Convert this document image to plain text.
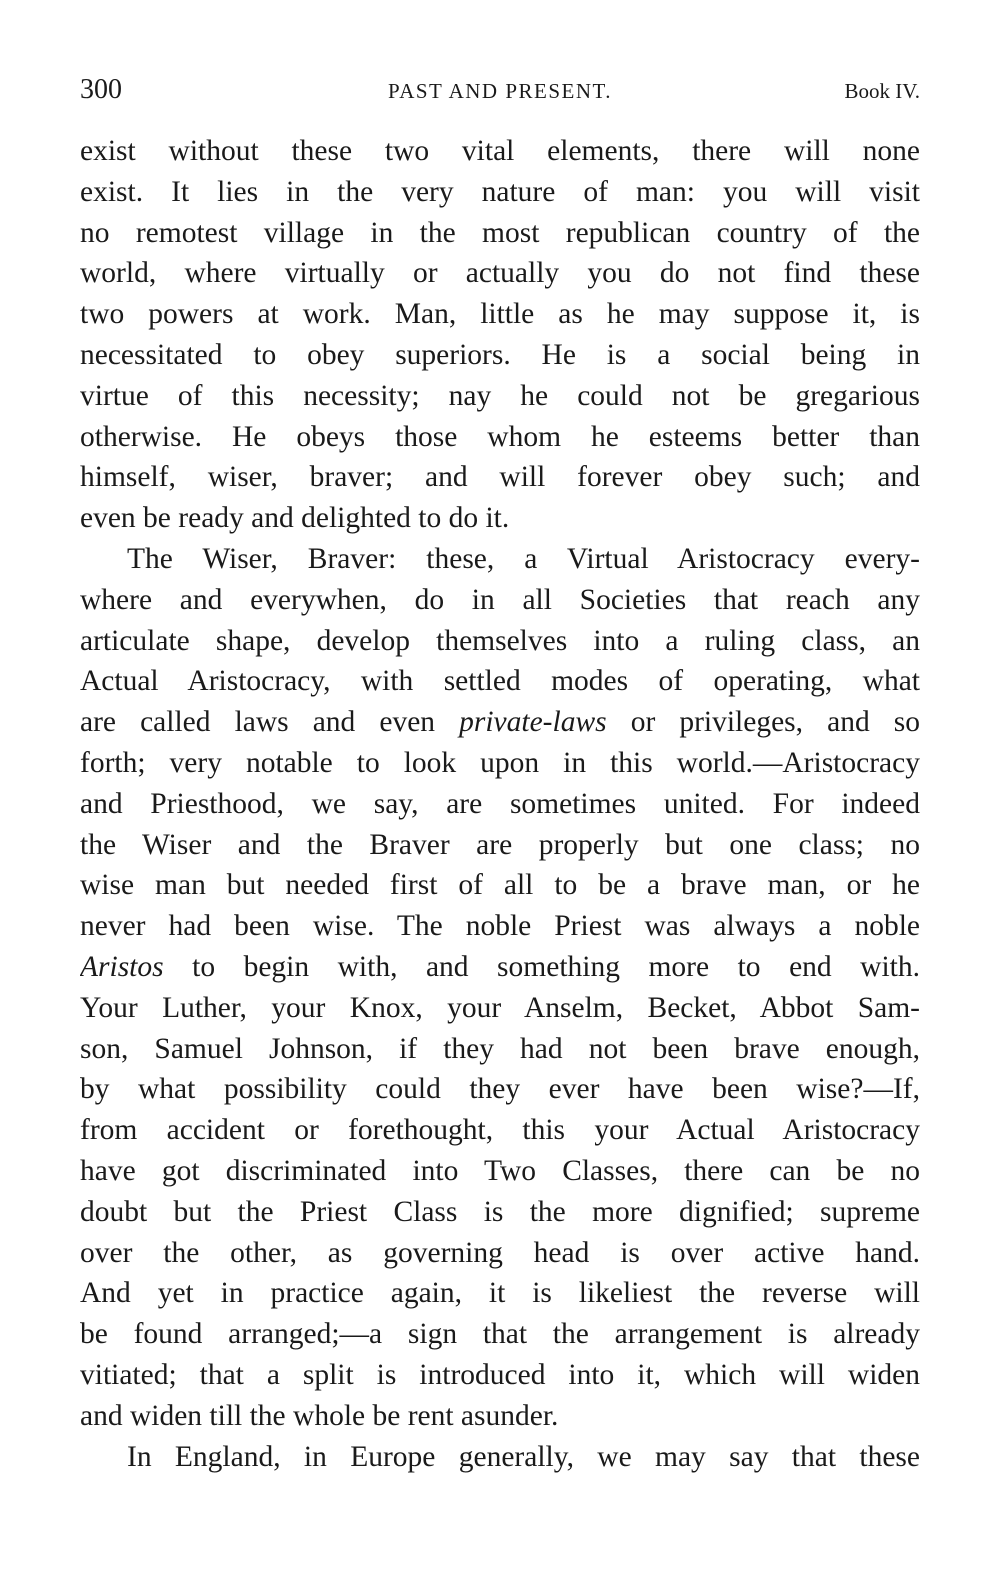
300	PAST AND PRESENT.	Book IV.
exist without these two vital elements, there will none
exist. It lies in the very nature of man: you will visit
no remotest village in the most republican country of the
world, where virtually or actually you do not find these
two powers at work. Man, little as he may suppose it, is
necessitated to obey superiors. He is a social being in
virtue of this necessity; nay he could not be gregarious
otherwise. He obeys those whom he esteems better than
himself, wiser, braver; and will forever obey such; and
even be ready and delighted to do it.
The Wiser, Braver: these, a Virtual Aristocracy every-
where and everywhen, do in all Societies that reach any
articulate shape, develop themselves into a ruling class, an
Actual Aristocracy, with settled modes of operating, what
are called laws and even private-laws or privileges, and so
forth; very notable to look upon in this world.—Aristocracy
and Priesthood, we say, are sometimes united. For indeed
the Wiser and the Braver are properly but one class; no
wise man but needed first of all to be a brave man, or he
never had been wise. The noble Priest was always a noble
Aristos to begin with, and something more to end with.
Your Luther, your Knox, your Anselm, Becket, Abbot Sam-
son, Samuel Johnson, if they had not been brave enough,
by what possibility could they ever have been wise?—If,
from accident or forethought, this your Actual Aristocracy
have got discriminated into Two Classes, there can be no
doubt but the Priest Class is the more dignified; supreme
over the other, as governing head is over active hand.
And yet in practice again, it is likeliest the reverse will
be found arranged;—a sign that the arrangement is already
vitiated; that a split is introduced into it, which will widen
and widen till the whole be rent asunder.
In England, in Europe generally, we may say that these
